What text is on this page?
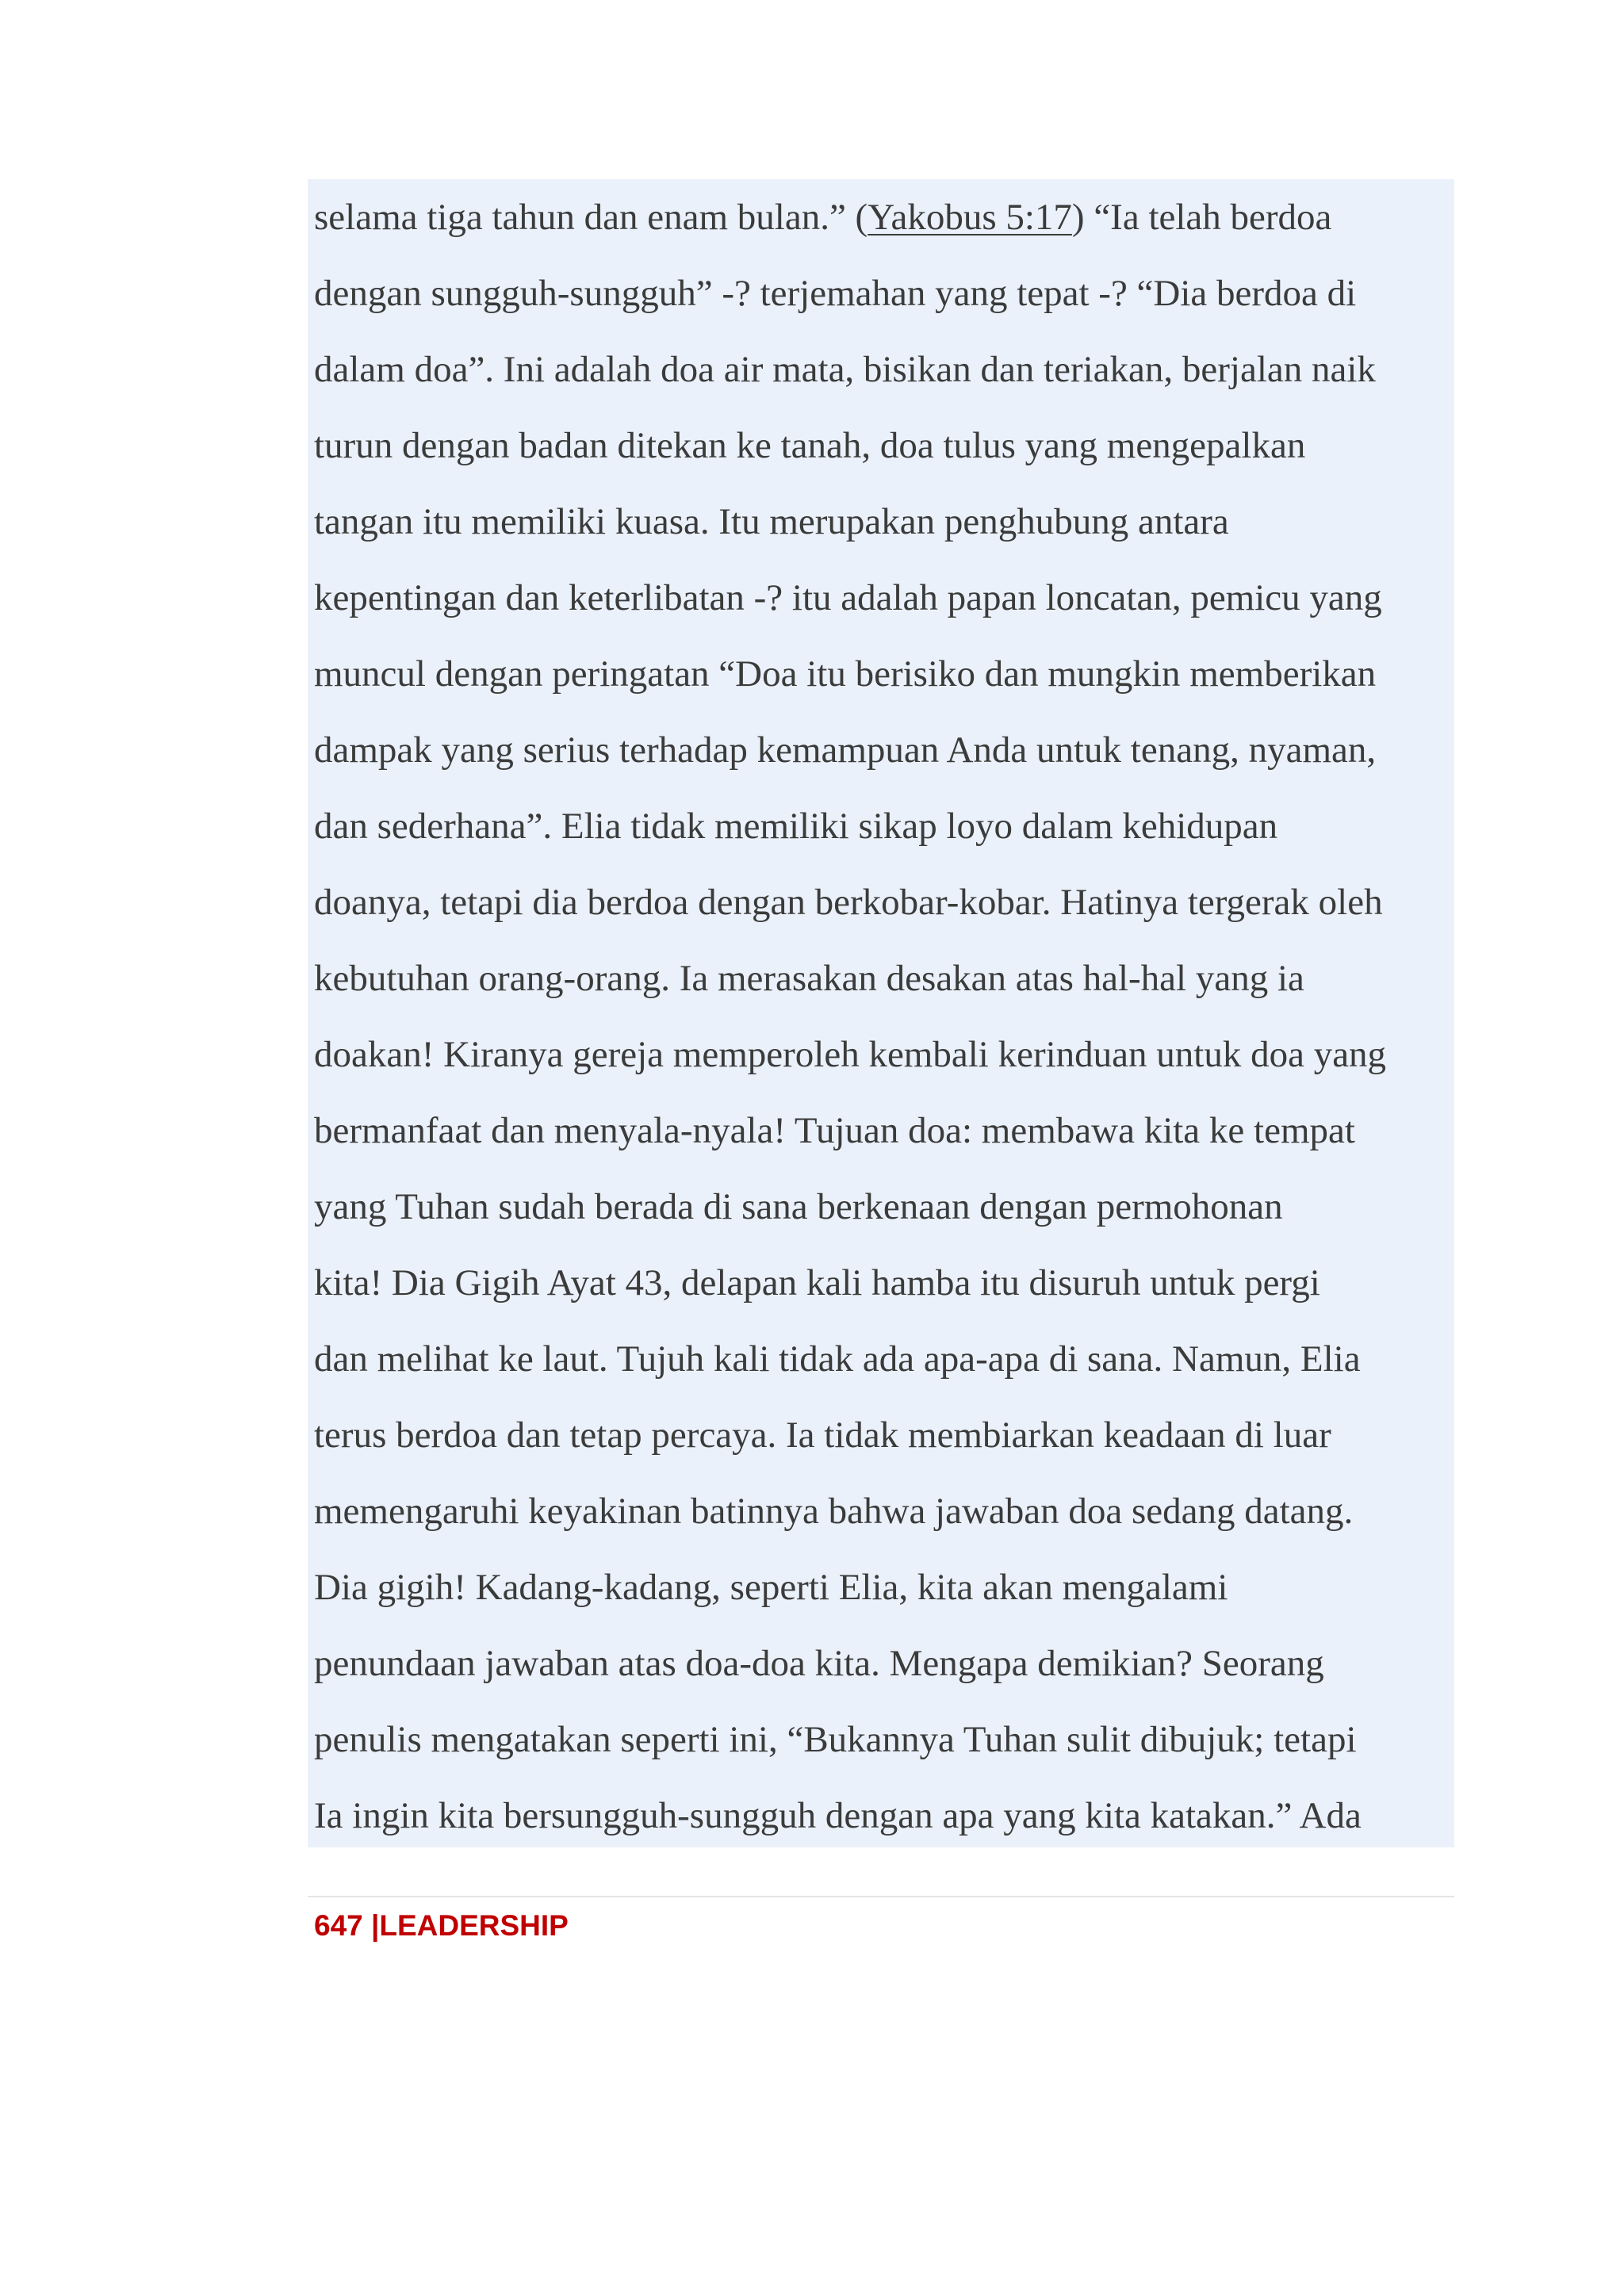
selama tiga tahun dan enam bulan.” (Yakobus 5:17) “Ia telah berdoa
dengan sungguh-sungguh” -? terjemahan yang tepat -? “Dia berdoa di
dalam doa”. Ini adalah doa air mata, bisikan dan teriakan, berjalan naik
turun dengan badan ditekan ke tanah, doa tulus yang mengepalkan
tangan itu memiliki kuasa. Itu merupakan penghubung antara
kepentingan dan keterlibatan -? itu adalah papan loncatan, pemicu yang
muncul dengan peringatan “Doa itu berisiko dan mungkin memberikan
dampak yang serius terhadap kemampuan Anda untuk tenang, nyaman,
dan sederhana”. Elia tidak memiliki sikap loyo dalam kehidupan
doanya, tetapi dia berdoa dengan berkobar-kobar. Hatinya tergerak oleh
kebutuhan orang-orang. Ia merasakan desakan atas hal-hal yang ia
doakan! Kiranya gereja memperoleh kembali kerinduan untuk doa yang
bermanfaat dan menyala-nyala! Tujuan doa: membawa kita ke tempat
yang Tuhan sudah berada di sana berkenaan dengan permohonan
kita! Dia Gigih Ayat 43, delapan kali hamba itu disuruh untuk pergi
dan melihat ke laut. Tujuh kali tidak ada apa-apa di sana. Namun, Elia
terus berdoa dan tetap percaya. Ia tidak membiarkan keadaan di luar
memengaruhi keyakinan batinnya bahwa jawaban doa sedang datang.
Dia gigih! Kadang-kadang, seperti Elia, kita akan mengalami
penundaan jawaban atas doa-doa kita. Mengapa demikian? Seorang
penulis mengatakan seperti ini, “Bukannya Tuhan sulit dibujuk; tetapi
Ia ingin kita bersungguh-sungguh dengan apa yang kita katakan.” Ada
647 |LEADERSHIP
